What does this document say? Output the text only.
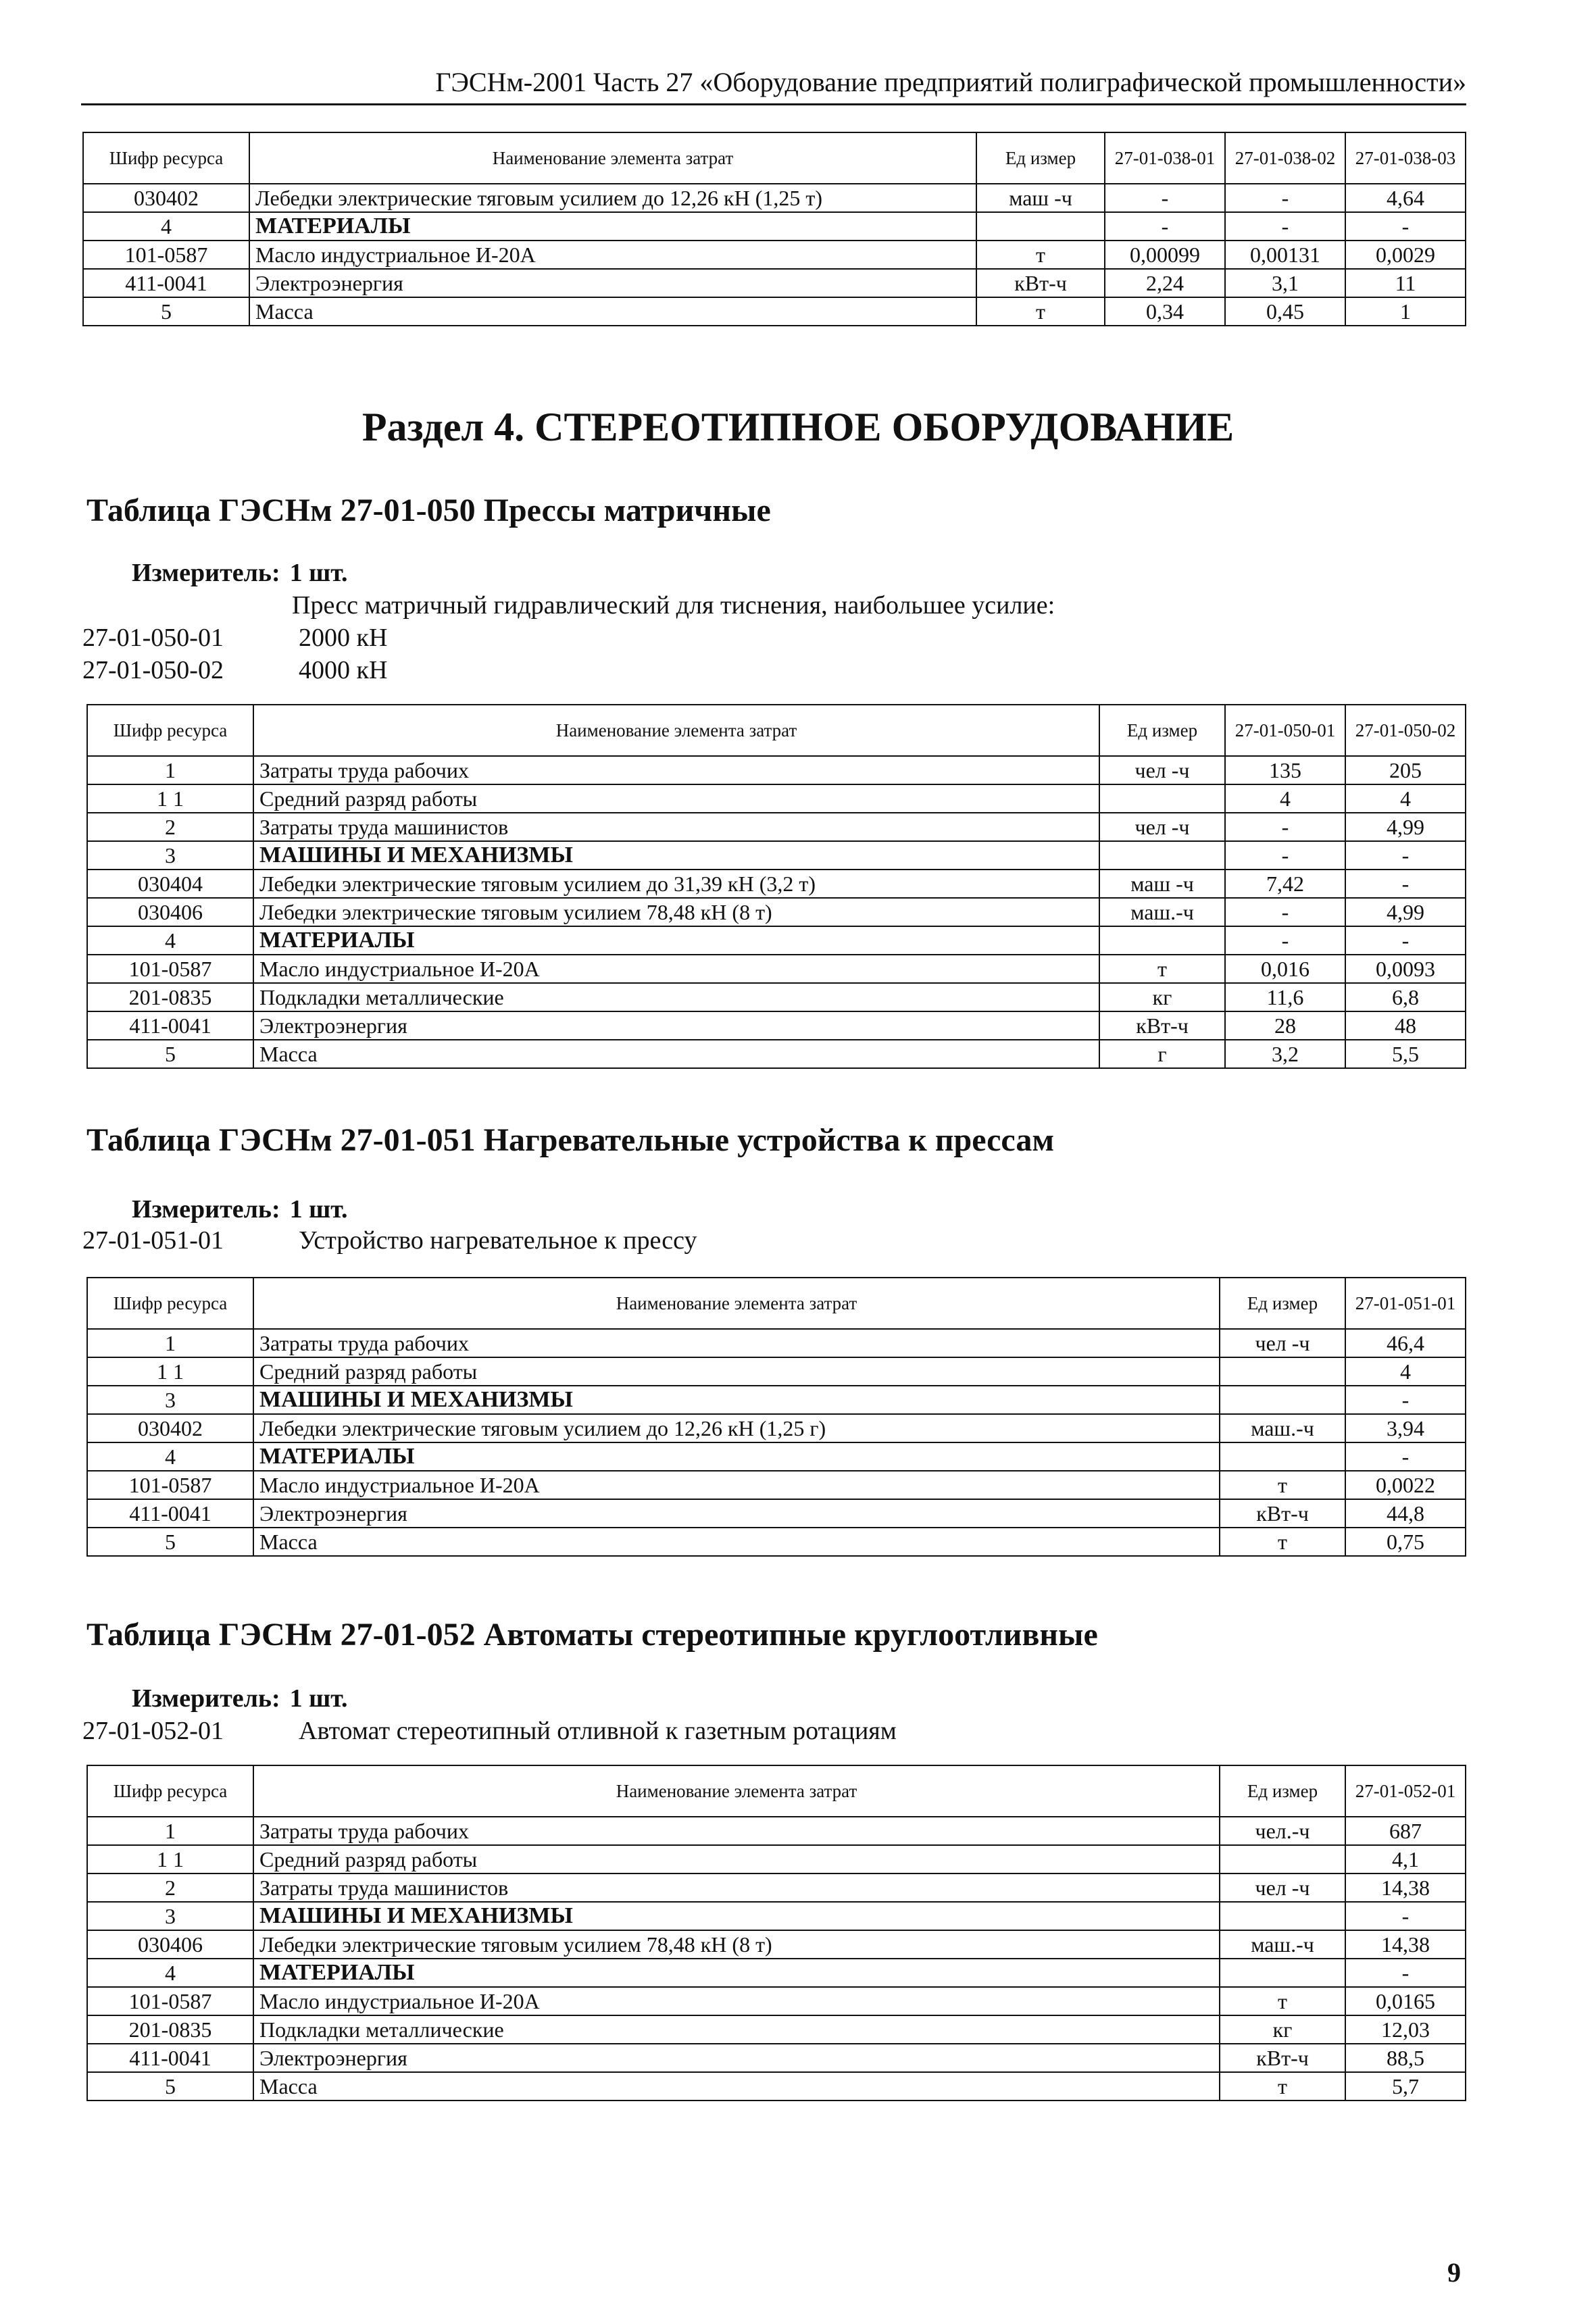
ГЭСНм-2001 Часть 27 «Оборудование предприятий полиграфической промышленности»
Шифр ресурса	Наименование элемента затрат	Ед измер	27-01-038-01	27-01-038-02	27-01-038-03
030402	Лебедки электрические тяговым усилием до 12,26 кН (1,25 т)	маш -ч	-	-	4,64
4	МАТЕРИАЛЫ		-	-	-
101-0587	Масло индустриальное И-20А	т	0,00099	0,00131	0,0029
411-0041	Электроэнергия	кВт-ч	2,24	3,1	11
5	Масса	т	0,34	0,45	1
Раздел 4. СТЕРЕОТИПНОЕ ОБОРУДОВАНИЕ
Таблица ГЭСНм 27-01-050 Прессы матричные
Измеритель: 1 шт.
Пресс матричный гидравлический для тиснения, наибольшее усилие:
27-01-050-01	2000 кН
27-01-050-02	4000 кН
Шифр ресурса	Наименование элемента затрат	Ед измер	27-01-050-01	27-01-050-02
1	Затраты труда рабочих	чел -ч	135	205
1 1	Средний разряд работы		4	4
2	Затраты труда машинистов	чел -ч	-	4,99
3	МАШИНЫ И МЕХАНИЗМЫ		-	-
030404	Лебедки электрические тяговым усилием до 31,39 кН (3,2 т)	маш -ч	7,42	-
030406	Лебедки электрические тяговым усилием 78,48 кН (8 т)	маш.-ч	-	4,99
4	МАТЕРИАЛЫ		-	-
101-0587	Масло индустриальное И-20А	т	0,016	0,0093
201-0835	Подкладки металлические	кг	11,6	6,8
411-0041	Электроэнергия	кВт-ч	28	48
5	Масса	г	3,2	5,5
Таблица ГЭСНм 27-01-051 Нагревательные устройства к прессам
Измеритель: 1 шт.
27-01-051-01	Устройство нагревательное к прессу
Шифр ресурса	Наименование элемента затрат	Ед измер	27-01-051-01
1	Затраты труда рабочих	чел -ч	46,4
1 1	Средний разряд работы		4
3	МАШИНЫ И МЕХАНИЗМЫ		-
030402	Лебедки электрические тяговым усилием до 12,26 кН (1,25 г)	маш.-ч	3,94
4	МАТЕРИАЛЫ		-
101-0587	Масло индустриальное И-20А	т	0,0022
411-0041	Электроэнергия	кВт-ч	44,8
5	Масса	т	0,75
Таблица ГЭСНм 27-01-052 Автоматы стереотипные круглоотливные
Измеритель: 1 шт.
27-01-052-01	Автомат стереотипный отливной к газетным ротациям
Шифр ресурса	Наименование элемента затрат	Ед измер	27-01-052-01
1	Затраты труда рабочих	чел.-ч	687
1 1	Средний разряд работы		4,1
2	Затраты труда машинистов	чел -ч	14,38
3	МАШИНЫ И МЕХАНИЗМЫ		-
030406	Лебедки электрические тяговым усилием 78,48 кН (8 т)	маш.-ч	14,38
4	МАТЕРИАЛЫ		-
101-0587	Масло индустриальное И-20А	т	0,0165
201-0835	Подкладки металлические	кг	12,03
411-0041	Электроэнергия	кВт-ч	88,5
5	Масса	т	5,7
9
